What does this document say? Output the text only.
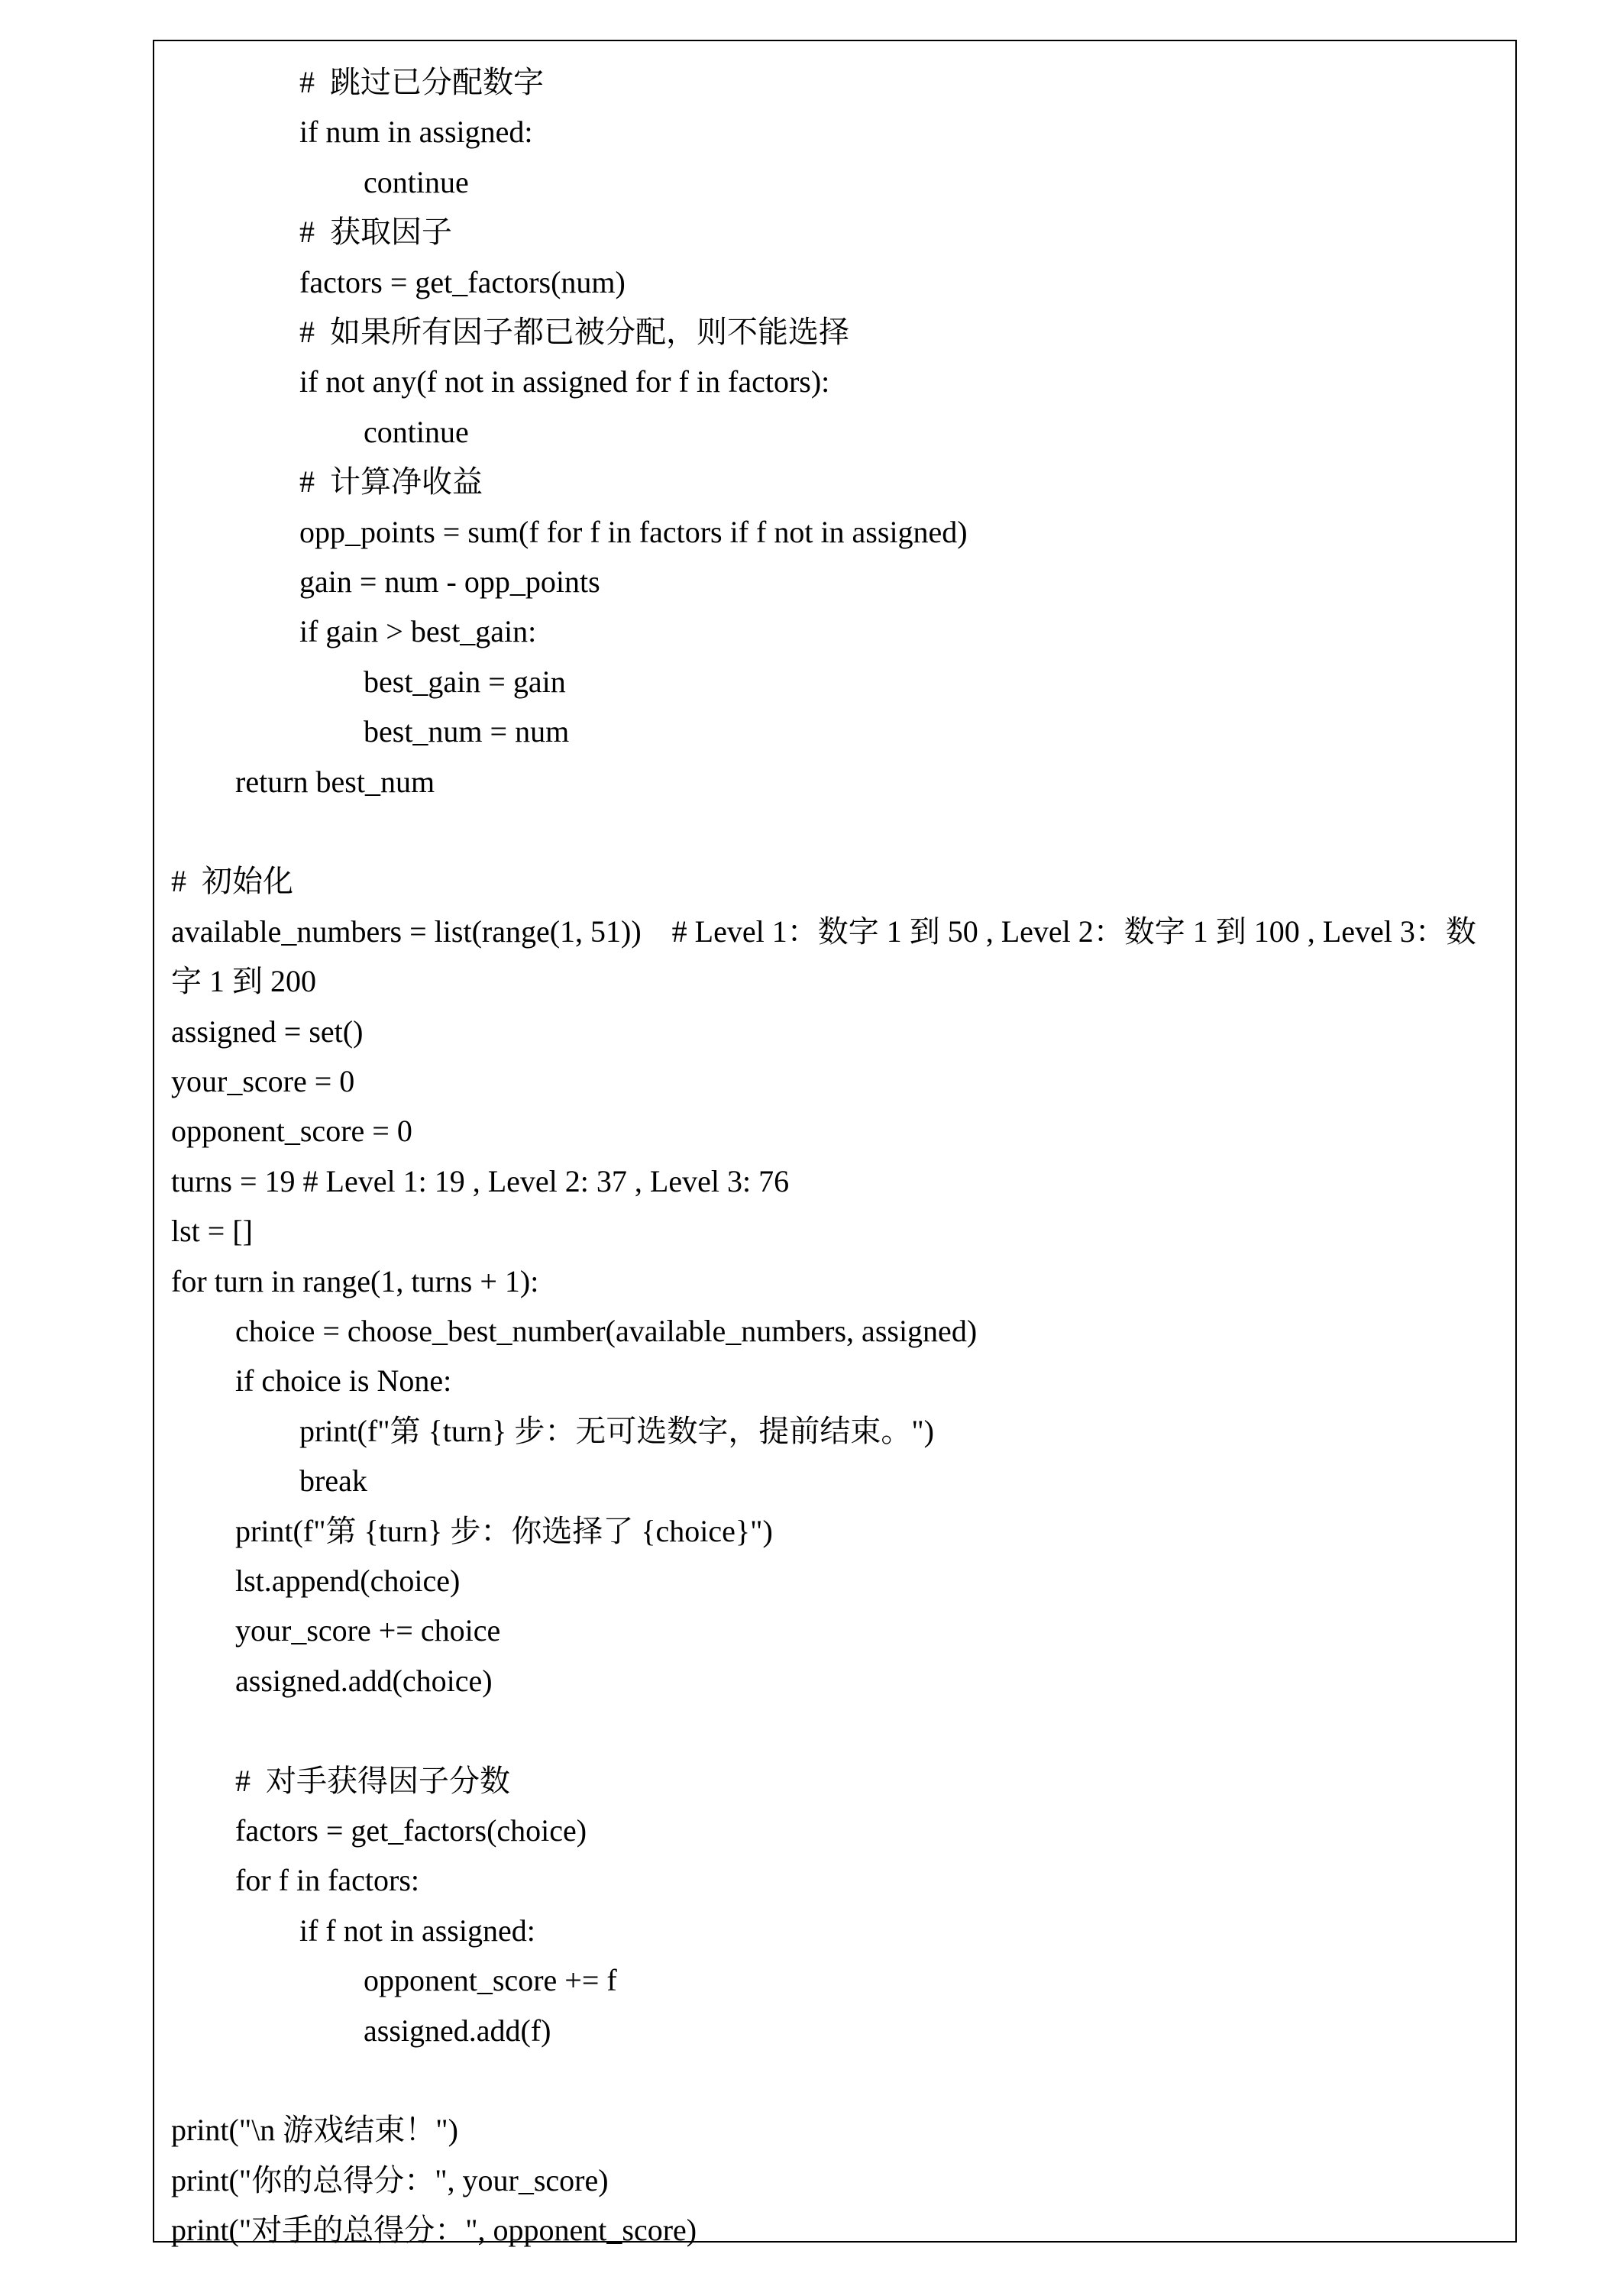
#  跳过已分配数字
if num in assigned:
continue
#  获取因子
factors = get_factors(num)
#  如果所有因子都已被分配，则不能选择
if not any(f not in assigned for f in factors):
continue
#  计算净收益
opp_points = sum(f for f in factors if f not in assigned)
gain = num - opp_points
if gain > best_gain:
best_gain = gain
best_num = num
return best_num
#  初始化
available_numbers = list(range(1, 51))    # Level 1：数字 1 到 50 , Level 2：数字 1 到 100 , Level 3：数
字 1 到 200
assigned = set()
your_score = 0
opponent_score = 0
turns = 19 # Level 1: 19 , Level 2: 37 , Level 3: 76
lst = []
for turn in range(1, turns + 1):
choice = choose_best_number(available_numbers, assigned)
if choice is None:
print(f"第 {turn} 步：无可选数字，提前结束。")
break
print(f"第 {turn} 步：你选择了 {choice}")
lst.append(choice)
your_score += choice
assigned.add(choice)
#  对手获得因子分数
factors = get_factors(choice)
for f in factors:
if f not in assigned:
opponent_score += f
assigned.add(f)
print("\n 游戏结束！")
print("你的总得分：", your_score)
print("对手的总得分：", opponent_score)
